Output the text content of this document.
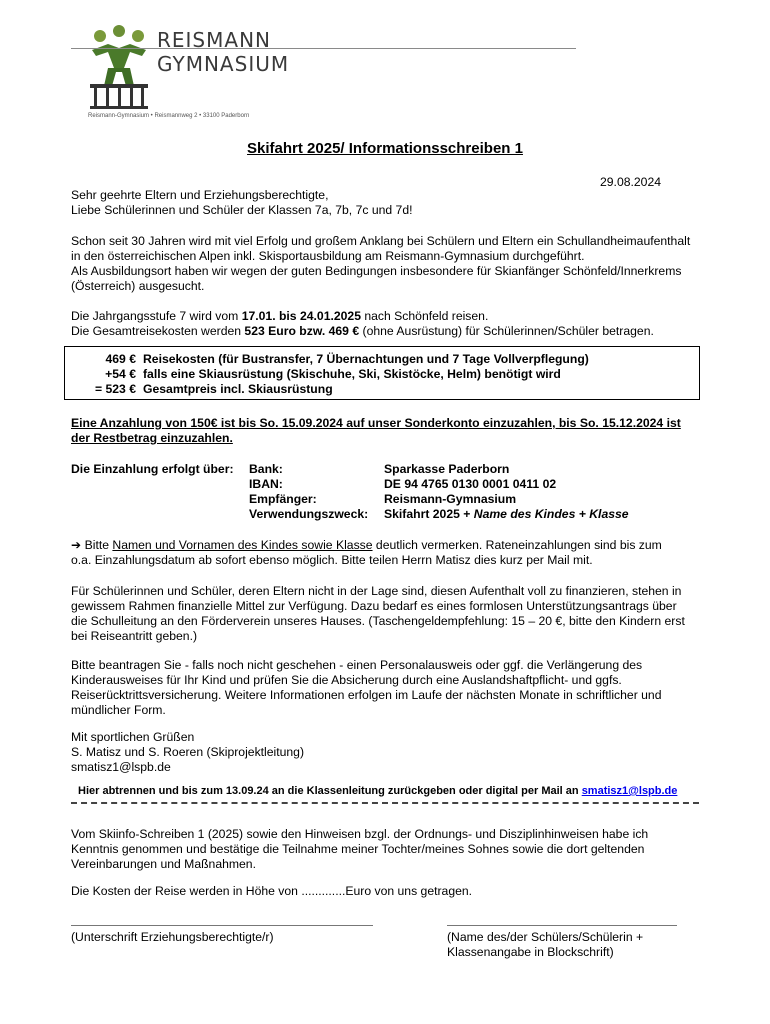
REISMANN
GYMNASIUM
Reismann-Gymnasium • Reismannweg 2 • 33100 Paderborn
Skifahrt 2025/ Informationsschreiben 1
29.08.2024
Sehr geehrte Eltern und Erziehungsberechtigte,
Liebe Schülerinnen und Schüler der Klassen 7a, 7b, 7c und 7d!
Schon seit 30 Jahren wird mit viel Erfolg und großem Anklang bei Schülern und Eltern ein Schullandheimaufenthalt
in den österreichischen Alpen inkl. Skisportausbildung am Reismann-Gymnasium durchgeführt.
Als Ausbildungsort haben wir wegen der guten Bedingungen insbesondere für Skianfänger Schönfeld/Innerkrems
(Österreich) ausgesucht.
Die Jahrgangsstufe 7 wird vom 17.01. bis 24.01.2025 nach Schönfeld reisen.
Die Gesamtreisekosten werden 523 Euro bzw. 469 € (ohne Ausrüstung) für Schülerinnen/Schüler betragen.
469 € Reisekosten (für Bustransfer, 7 Übernachtungen und 7 Tage Vollverpflegung)
+54 € falls eine Skiausrüstung (Skischuhe, Ski, Skistöcke, Helm) benötigt wird
= 523 € Gesamtpreis incl. Skiausrüstung
Eine Anzahlung von 150€ ist bis So. 15.09.2024 auf unser Sonderkonto einzuzahlen, bis So. 15.12.2024 ist
der Restbetrag einzuzahlen.
Die Einzahlung erfolgt über: Bank:	Sparkasse Paderborn
IBAN:	DE 94 4765 0130 0001 0411 02
Empfänger:	Reismann-Gymnasium
Verwendungszweck: Skifahrt 2025 + Name des Kindes + Klasse
➔ Bitte Namen und Vornamen des Kindes sowie Klasse deutlich vermerken. Rateneinzahlungen sind bis zum
o.a. Einzahlungsdatum ab sofort ebenso möglich. Bitte teilen Herrn Matisz dies kurz per Mail mit.
Für Schülerinnen und Schüler, deren Eltern nicht in der Lage sind, diesen Aufenthalt voll zu finanzieren, stehen in
gewissem Rahmen finanzielle Mittel zur Verfügung. Dazu bedarf es eines formlosen Unterstützungsantrags über
die Schulleitung an den Förderverein unseres Hauses. (Taschengeldempfehlung: 15 – 20 €, bitte den Kindern erst
bei Reiseantritt geben.)
Bitte beantragen Sie - falls noch nicht geschehen - einen Personalausweis oder ggf. die Verlängerung des
Kinderausweises für Ihr Kind und prüfen Sie die Absicherung durch eine Auslandshaftpflicht- und ggfs.
Reiserücktrittsversicherung. Weitere Informationen erfolgen im Laufe der nächsten Monate in schriftlicher und
mündlicher Form.
Mit sportlichen Grüßen
S. Matisz und S. Roeren (Skiprojektleitung)
smatisz1@lspb.de
Hier abtrennen und bis zum 13.09.24 an die Klassenleitung zurückgeben oder digital per Mail an smatisz1@lspb.de
Vom Skiinfo-Schreiben 1 (2025) sowie den Hinweisen bzgl. der Ordnungs- und Disziplinhinweisen habe ich
Kenntnis genommen und bestätige die Teilnahme meiner Tochter/meines Sohnes sowie die dort geltenden
Vereinbarungen und Maßnahmen.
Die Kosten der Reise werden in Höhe von .............Euro von uns getragen.
(Unterschrift Erziehungsberechtigte/r)	(Name des/der Schülers/Schülerin +
Klassenangabe in Blockschrift)
